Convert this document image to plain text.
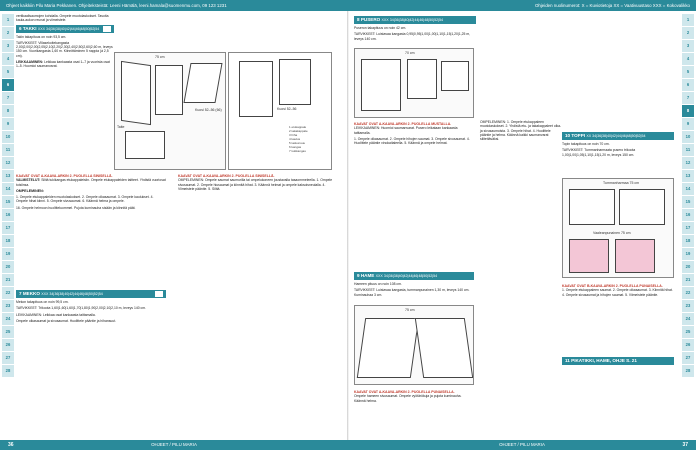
Ohjeet kaikkiin Pilu Maria Pekkanen. Ohjeiteksteistä: Leeni Hämälä, leeni.hamala@suomenmu.com, 09 123 1231
1
2
3
4
5
6
7
8
9
10
11
12
13
14
15
16
17
18
19
20
21
22
23
24
25
26
27
28

vertikaalisaumojen kohdalla. Ompele muotolaskokset. Tasoita kaula-aukon reunat ja viimeistele.

6 TAKKI XXX 34|36|38|40|42|44|46|48|50|52|54

Takin takapituus on noin 93,5 cm.

TARVIKKEET: Villasekoitekangasta 2,00|2,00|2,00|2,05|2,10|2,20|2,30|2,40|2,50|2,60|2,60 m, leveys 150 cm. Vuorikangasta 1,60 m. Kiinnittäminen 5 nappia (á 2,5 cm).

LEIKKAAMINEN: Leikkaa kankaasta osat 1–7 ja vuorista osat 1–5. Huomioi saumanvarat.

75 cm
Kuosi 52–56 (66)
Taite
Kuosi 52–56
1 etukappale
2 takakappale
3 hiha
4 kaulus
5 taskunsuu
6 kangas
7 tukikangas
KAAVAT OVAT A-KAAVA-ARKIN 2. PUOLELLA SINISELLÄ.

VALMISTELUT: Silitä tukikangas etukappaleisiin. Ompele etukappaleiden taitteet. Yhdistä vuoriosat toisiinsa.

OMPELEMINEN:

1. Ompele etukappaleiden muotolaskokset. 2. Ompele olkasaumat. 3. Ompele kaulukset. 4. Ompele hihat kiinni. 5. Ompele sivusaumat. 6. Käännä helma ja ompele.

16. Ompele helmoon huolitteluommel. Pujota kuminauha sisään ja kiinnitä päät.

7 MEKKO XXX 34|36|38|40|42|44|46|48|50|52|54

Mekon takapituus on noin 99,5 cm.

TARVIKKEET: Trikoota 1,60|1,60|1,60|1,70|1,80|1,90|2,00|2,10|2,10 m, leveys 140 cm.

LEIKKAAMINEN: Leikkaa osat kankaasta taittamalla.

Ompele olkasaumat ja sivusaumat. Huolittele pääntie ja hihansuut.

KAAVAT OVAT A-KAAVA-ARKIN 2. PUOLELLA SINISELLÄ.

OMPELEMINEN: Ompele saumat saumurilla tai ompelukoneen joustavalla tasaommeleella. 1. Ompele sivusaumat. 2. Ompele hiusaumat ja kiinnitä hihat. 3. Käännä helmat ja ompele kaksoisneulalla. 4. Viimeistele pääntie. 5. Silitä.

36	OHJEET / PILU MARIA
Ohjeiden nuolinumerot: X = Kuviotietoja XX = Vaativuustaso XXX = Kokovalikko
1
2
3
4
5
6
7
8
9
10
11
12
13
14
15
16
17
18
19
20
21
22
23
24
25
26
27
28
8 PUSERO XXX 34|36|38|40|42|44|46|48|50|52|54

Puseron takapituus on noin 42 cm.

TARVIKKEET: Luistavaa kangasta 0,95|0,95|1,00|1,00|1,10|1,15|1,20|1,25 m, leveys 140 cm.

70 cm
KAAVAT OVAT A-KAAVA-ARKIN 2. PUOLELLA MUSTALLA.

LEIKKAAMINEN: Huomioi saumanvarat. Pusero leikataan kankaasta taittamalla.

1. Ompele olkasaumat. 2. Ompele hihojen saumat. 3. Ompele sivusaumat. 4. Huolittele pääntie vinokaitaleella. 5. Käännä ja ompele helmat.

OMPELEMINEN: 1. Ompele etukappaleen muotolaskokset. 2. Yhdistä etu- ja takakappaleet olka- ja sivusaumoista. 3. Ompele hihat. 4. Huolittele pääntie ja helma. Käännä kaikki saumanvarat silitettäväksi.

9 HAME XXX 34|36|38|40|42|44|46|48|50|52|54

Hameen pituus on noin 108 cm.

TARVIKKEET: Luistavaa kangasta, tummanpunainen 1,30 m, leveys 140 cm. Kuminauhaa 3 cm.

75 cm
KAAVAT OVAT A-KAAVA-ARKIN 2. PUOLELLA PUNAISELLA.

Ompele hameen sivusaumat. Ompele vyötärökuja ja pujota kuminauha. Käännä helma.

10 TOPPI XX 34|36|38|40|42|44|46|48|50|52|54

Topin takapituus on noin 70 cm.

TARVIKKEET: Tummanharmaata pusero trikoota 1,00|1,00|1,05|1,10|1,15|1,20 m, leveys 150 cm.

Tummanharmaa 75 cm
Vaaleanpunainen 75 cm
KAAVAT OVAT B-KAAVA-ARKIN 2. PUOLELLA PUNAISELLA.

1. Ompele etukappaleen saumat. 2. Ompele olkasaumat. 3. Kiinnitä hihat. 4. Ompele sivusaumat ja hihojen saumat. 5. Viimeistele pääntie.

11 PIKATIKKI, HAME, OHJE S. 21
OHJEET / PILU MARIA	37
